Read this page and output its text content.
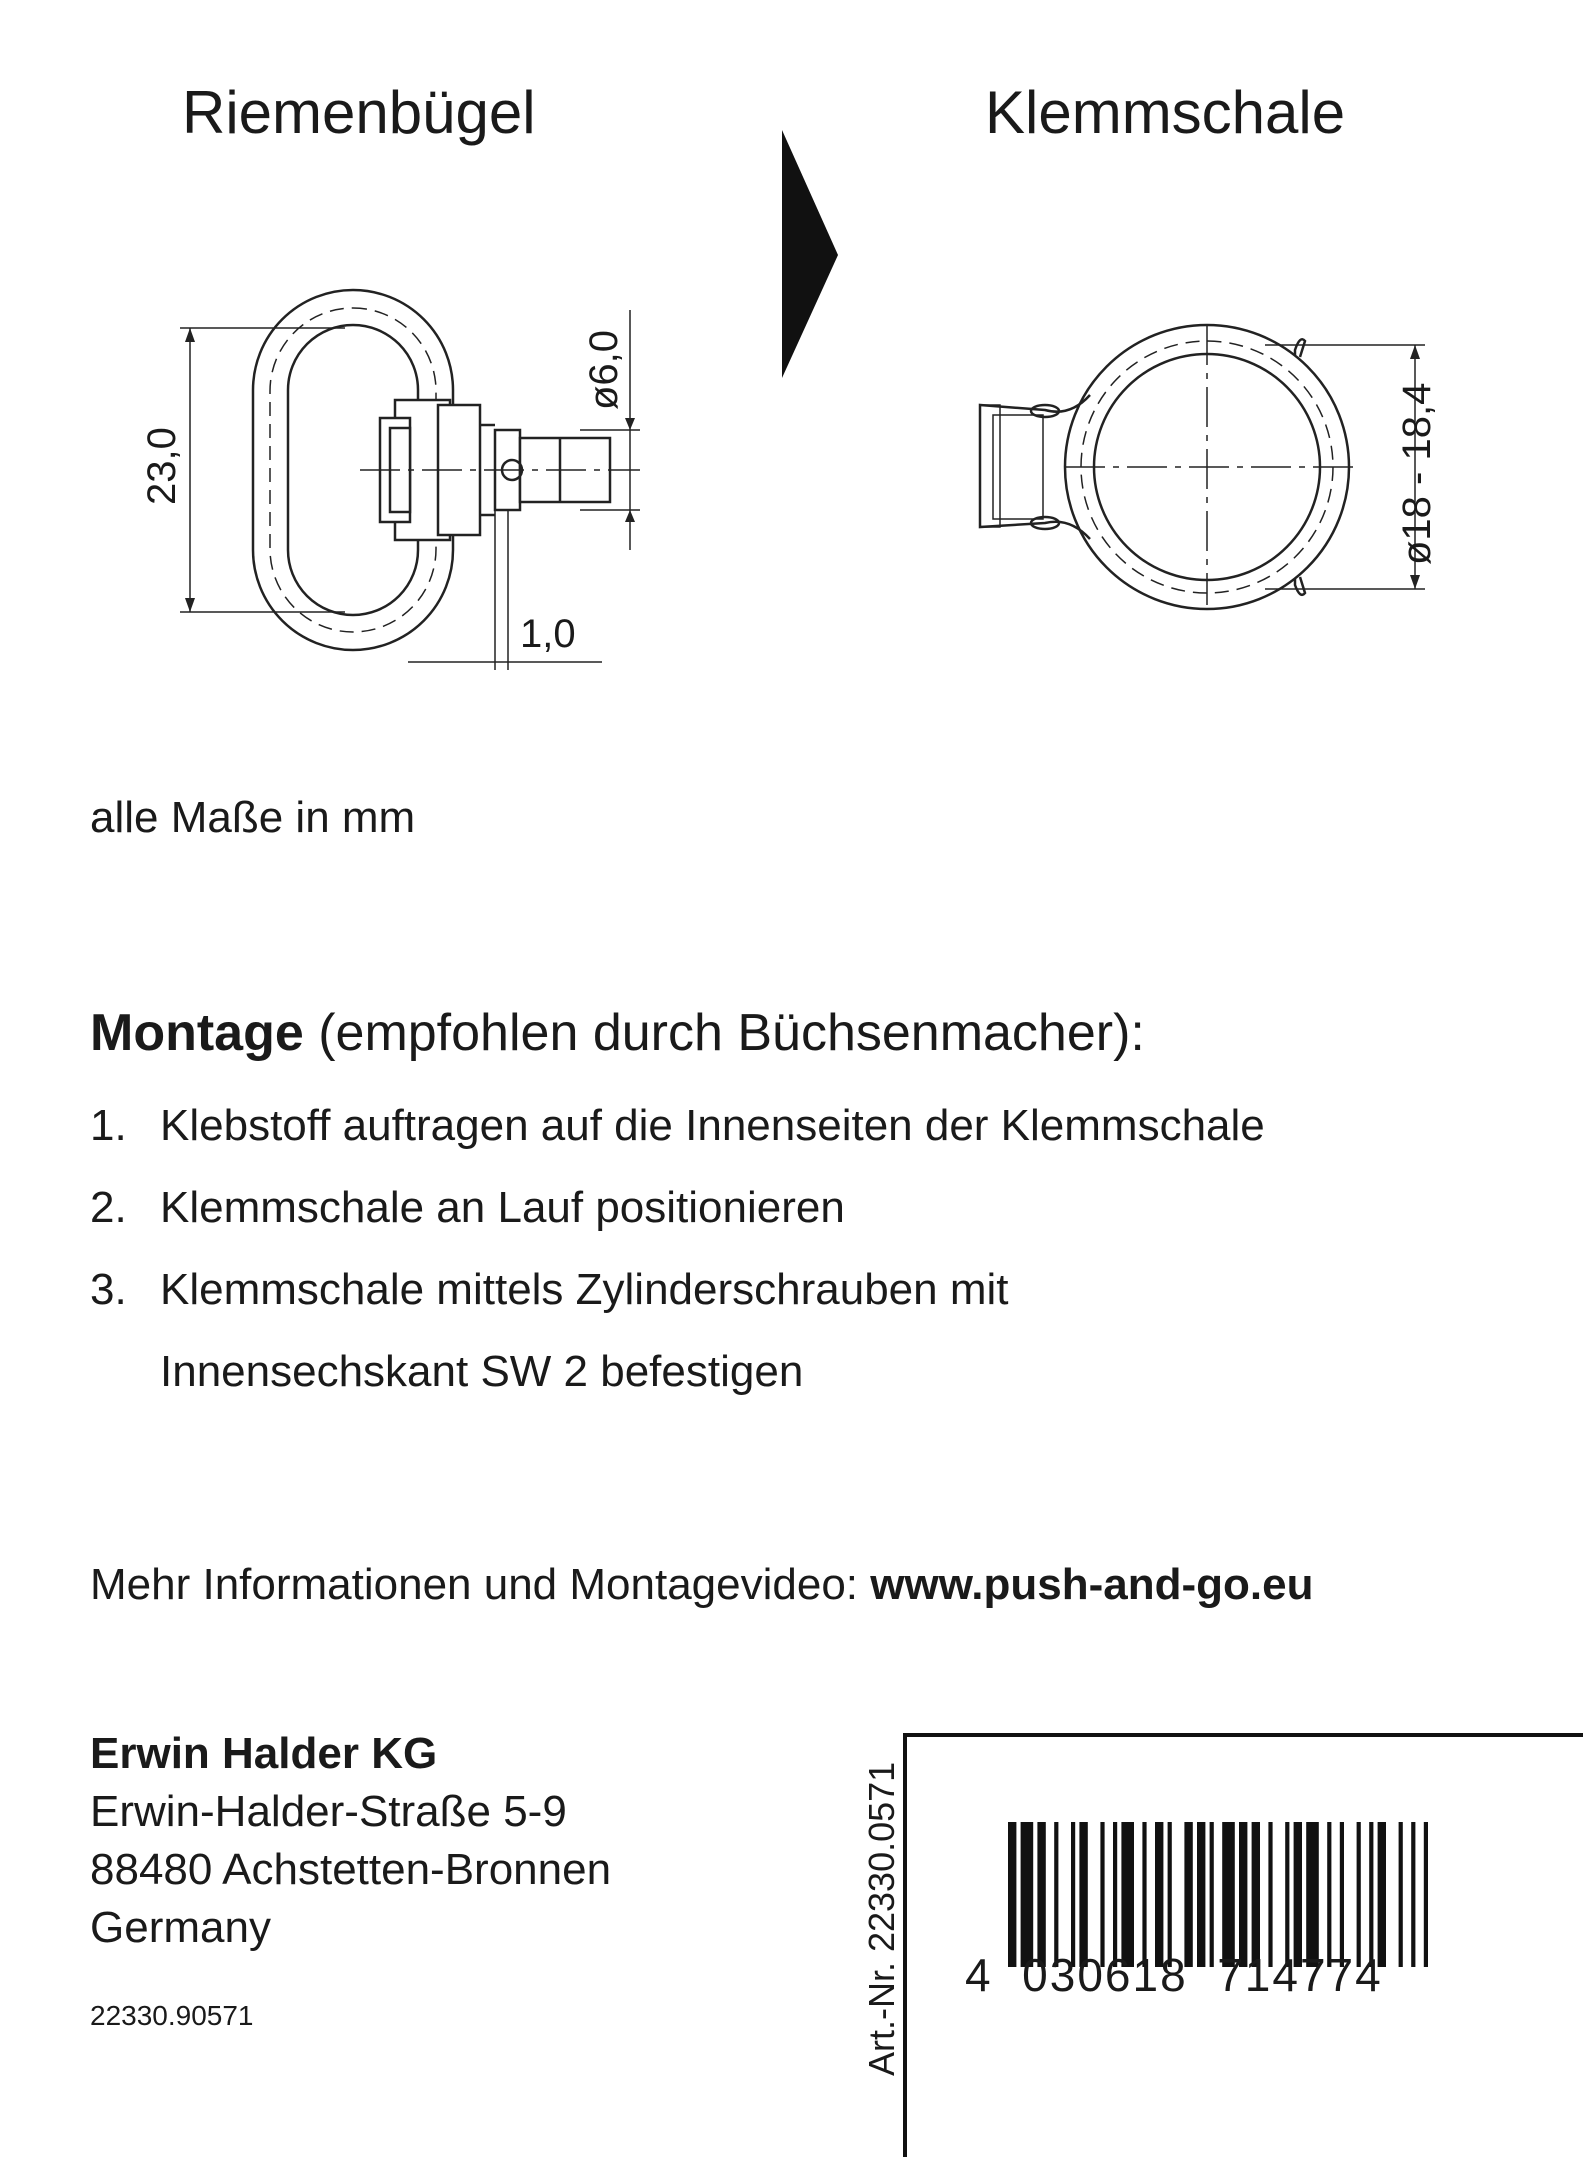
Riemenbügel	Klemmschale
23,0
ø6,0
1,0
ø18 - 18,4
alle Maße in mm
Montage (empfohlen durch Büchsenmacher):
1. Klebstoff auftragen auf die Innenseiten der Klemmschale
2. Klemmschale an Lauf positionieren
3. Klemmschale mittels Zylinderschrauben mit
Innensechskant SW 2 befestigen
Mehr Informationen und Montagevideo: www.push-and-go.eu
Erwin Halder KG
Erwin-Halder-Straße 5-9
88480 Achstetten-Bronnen
Germany
22330.90571	Art.-Nr. 22330.0571 4 030618 714774
